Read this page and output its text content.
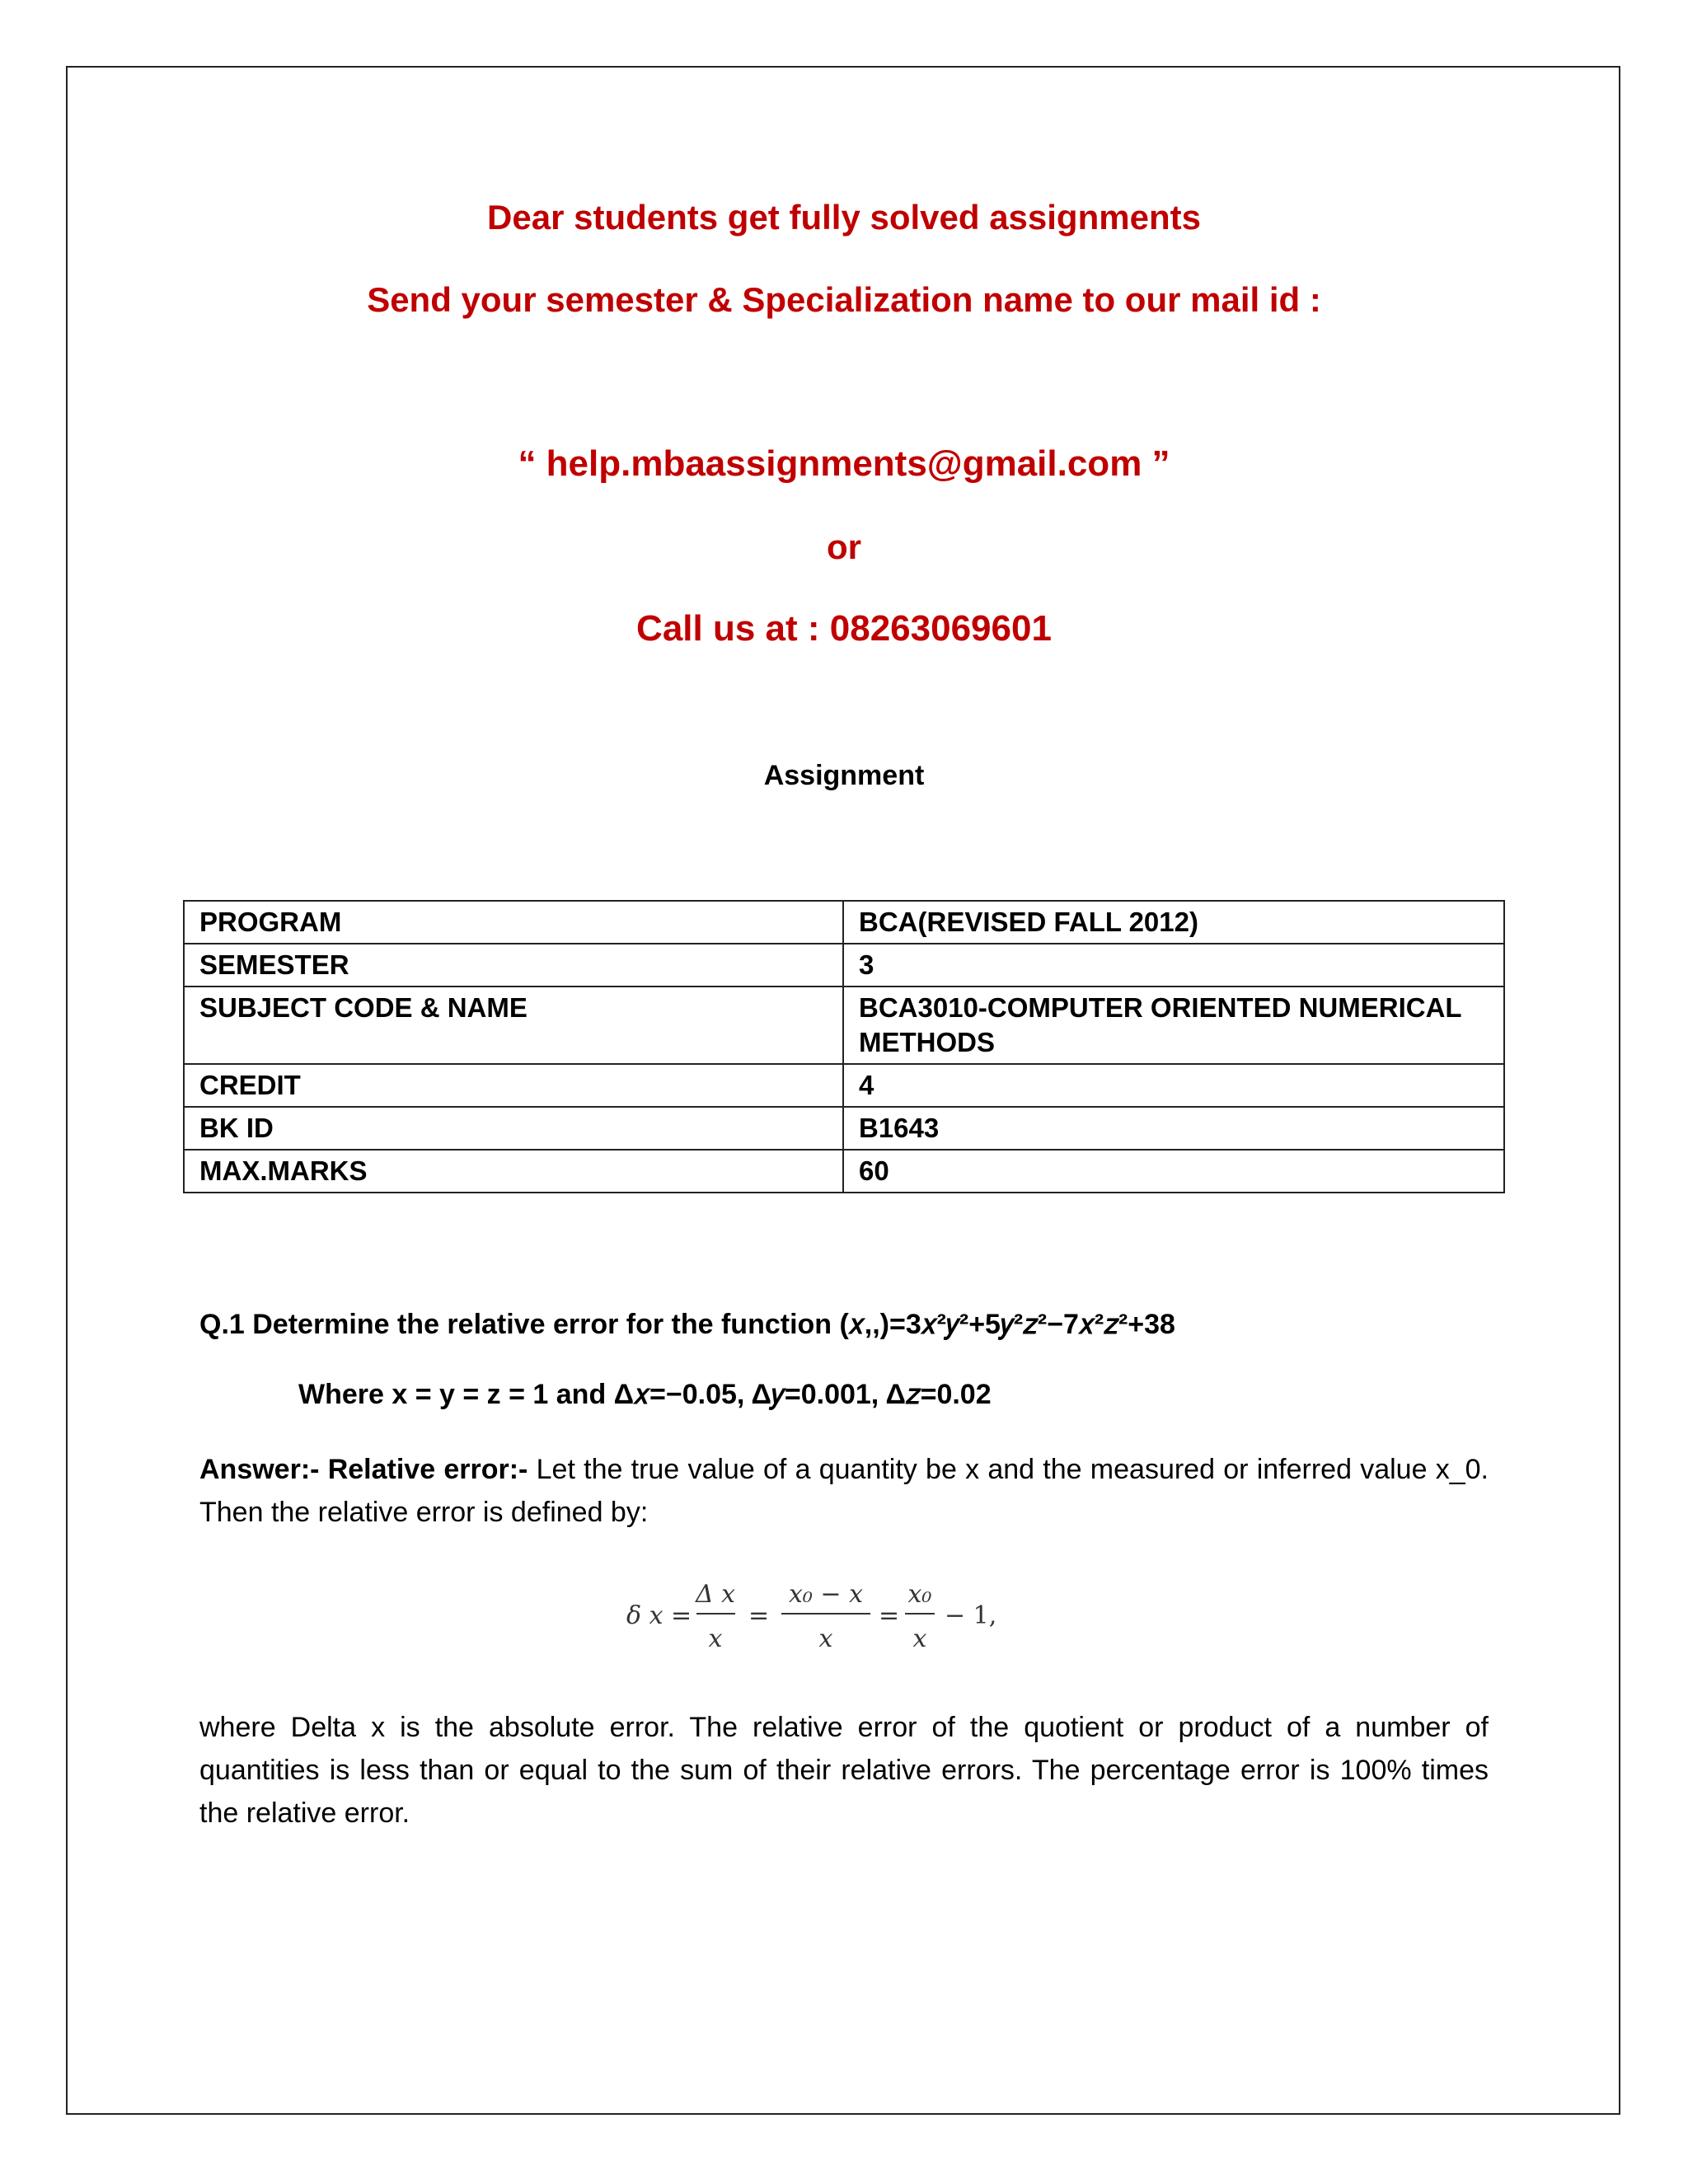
Dear students get fully solved assignments
Send your semester & Specialization name to our mail id :
“ help.mbaassignments@gmail.com ”
or
Call us at : 08263069601
Assignment
PROGRAM	BCA(REVISED FALL 2012)
SEMESTER	3
SUBJECT CODE & NAME	BCA3010-COMPUTER ORIENTED NUMERICAL METHODS
CREDIT	4
BK ID	B1643
MAX.MARKS	60
Q.1 Determine the relative error for the function (𝑥,,)=3𝑥²𝑦²+5𝑦²𝑧²−7𝑥²𝑧²+38
Where x = y = z = 1 and Δ𝑥=−0.05, Δ𝑦=0.001, Δ𝑧=0.02
Answer:- Relative error:- Let the true value of a quantity be x and the measured or inferred value x_0. Then the relative error is defined by:
δ x =
Δ x
x
=
x₀ − x
x
=
x₀
x
− 1,
where Delta x is the absolute error. The relative error of the quotient or product of a number of quantities is less than or equal to the sum of their relative errors. The percentage error is 100% times the relative error.
